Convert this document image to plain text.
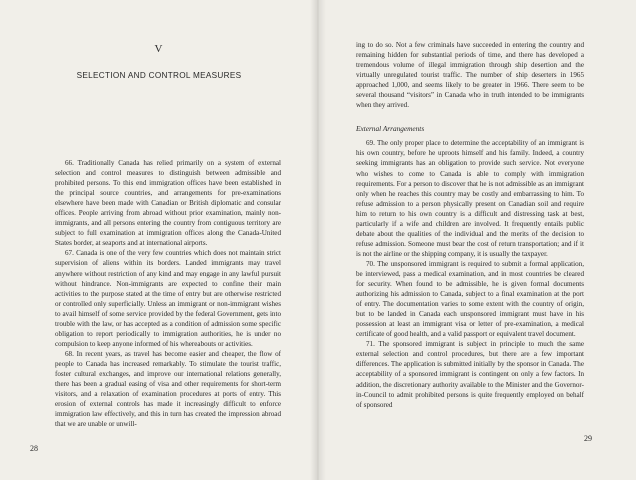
V
SELECTION AND CONTROL MEASURES

66. Traditionally Canada has relied primarily on a system of external selection and control measures to distinguish between admissible and prohibited persons. To this end immigration offices have been established in the principal source countries, and arrangements for pre-examinations elsewhere have been made with Canadian or British diplomatic and consular offices. People arriving from abroad without prior examination, mainly non-immigrants, and all persons entering the country from contiguous territory are subject to full examination at immigration offices along the Canada-United States border, at seaports and at international airports.

67. Canada is one of the very few countries which does not maintain strict supervision of aliens within its borders. Landed immigrants may travel anywhere without restriction of any kind and may engage in any lawful pursuit without hindrance. Non-immigrants are expected to confine their main activities to the purpose stated at the time of entry but are otherwise restricted or controlled only superficially. Unless an immigrant or non-immigrant wishes to avail himself of some service provided by the federal Government, gets into trouble with the law, or has accepted as a condition of admission some specific obligation to report periodically to immigration authorities, he is under no compulsion to keep anyone informed of his whereabouts or activities.

68. In recent years, as travel has become easier and cheaper, the flow of people to Canada has increased remarkably. To stimulate the tourist traffic, foster cultural exchanges, and improve our international relations generally, there has been a gradual easing of visa and other requirements for short-term visitors, and a relaxation of examination procedures at ports of entry. This erosion of external controls has made it increasingly difficult to enforce immigration law effectively, and this in turn has created the impression abroad that we are unable or unwill-

28

ing to do so. Not a few criminals have succeeded in entering the country and remaining hidden for substantial periods of time, and there has developed a tremendous volume of illegal immigration through ship desertion and the virtually unregulated tourist traffic. The number of ship deserters in 1965 approached 1,000, and seems likely to be greater in 1966. There seem to be several thousand “visitors” in Canada who in truth intended to be immigrants when they arrived.

External Arrangements

69. The only proper place to determine the acceptability of an immigrant is his own country, before he uproots himself and his family. Indeed, a country seeking immigrants has an obligation to provide such service. Not everyone who wishes to come to Canada is able to comply with immigration requirements. For a person to discover that he is not admissible as an immigrant only when he reaches this country may be costly and embarrassing to him. To refuse admission to a person physically present on Canadian soil and require him to return to his own country is a difficult and distressing task at best, particularly if a wife and children are involved. It frequently entails public debate about the qualities of the individual and the merits of the decision to refuse admission. Someone must bear the cost of return transportation; and if it is not the airline or the shipping company, it is usually the taxpayer.

70. The unsponsored immigrant is required to submit a formal application, be interviewed, pass a medical examination, and in most countries be cleared for security. When found to be admissible, he is given formal documents authorizing his admission to Canada, subject to a final examination at the port of entry. The documentation varies to some extent with the country of origin, but to be landed in Canada each unsponsored immigrant must have in his possession at least an immigrant visa or letter of pre-examination, a medical certificate of good health, and a valid passport or equivalent travel document.

71. The sponsored immigrant is subject in principle to much the same external selection and control procedures, but there are a few important differences. The application is submitted initially by the sponsor in Canada. The acceptability of a sponsored immigrant is contingent on only a few factors. In addition, the discretionary authority available to the Minister and the Governor-in-Council to admit prohibited persons is quite frequently employed on behalf of sponsored

29
